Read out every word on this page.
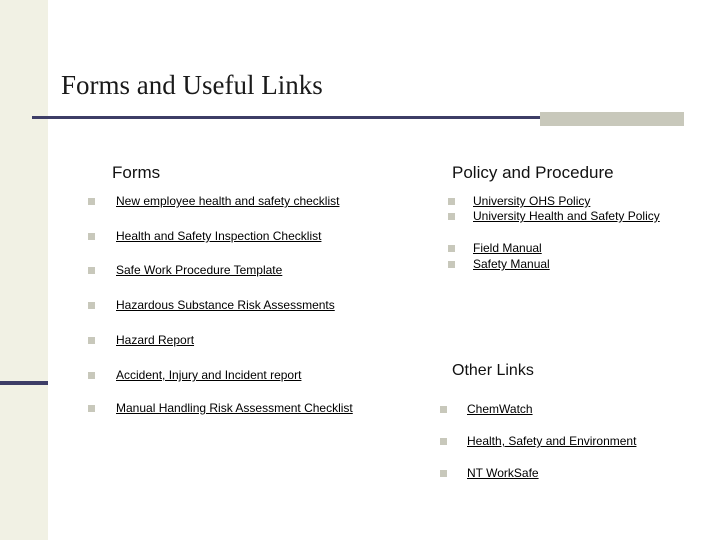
Forms and Useful Links
Forms
New employee health and safety checklist
Health and Safety Inspection Checklist
Safe Work Procedure Template
Hazardous Substance Risk Assessments
Hazard Report
Accident, Injury and Incident report
Manual Handling Risk Assessment Checklist
Policy and Procedure
University OHS Policy
University Health and Safety Policy
Field Manual
Safety Manual
Other Links
ChemWatch
Health, Safety and Environment
NT WorkSafe
